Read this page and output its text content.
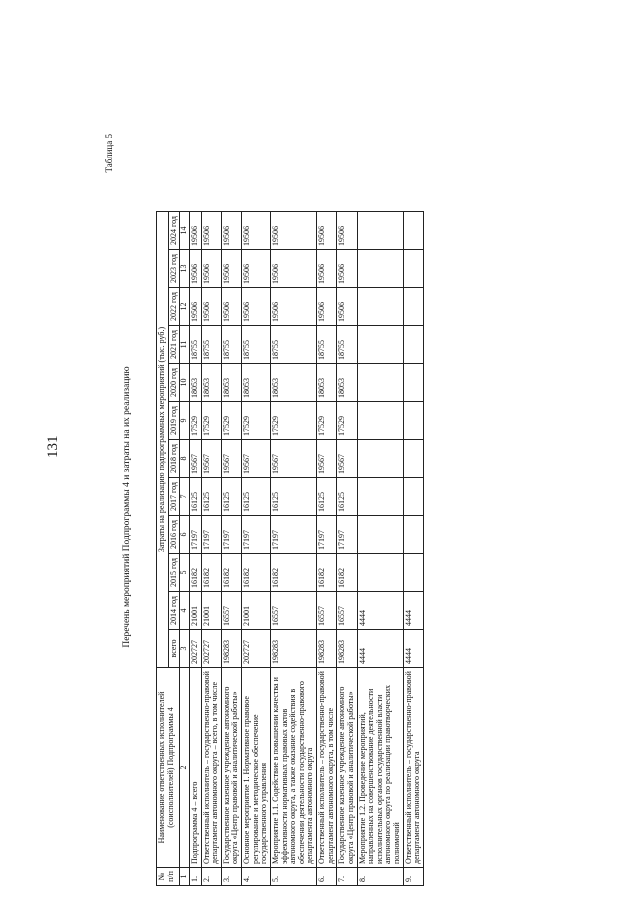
131
Таблица 5
Перечень мероприятий Подпрограммы 4 и затраты на их реализацию
№ п/п	Наименование ответственных исполнителей (соисполнителей) Подпрограммы 4	Затраты на реализацию подпрограммных мероприятий (тыс. руб.)											
		всего	2014 год	2015 год	2016 год	2017 год	2018 год	2019 год	2020 год	2021 год	2022 год	2023 год	2024 год
1	2	3	4	5	6	7	8	9	10	11	12	13	14
1.	Подпрограмма 4 – всего	202727	21001	16182	17197	16125	19567	17529	18053	18755	19506	19506	19506
2.	Ответственный исполнитель – государственно-правовой департамент автономного округа – всего, в том числе	202727	21001	16182	17197	16125	19567	17529	18053	18755	19506	19506	19506
3.	Государственное казенное учреждение автономного округа «Центр правовой и аналитической работы»	198283	16557	16182	17197	16125	19567	17529	18053	18755	19506	19506	19506
4.	Основное мероприятие 1. Нормативное правовое регулирование и методическое обеспечение государственного управления	202727	21001	16182	17197	16125	19567	17529	18053	18755	19506	19506	19506
5.	Мероприятие 1.1. Содействие в повышении качества и эффективности нормативных правовых актов автономного округа, а также оказание содействия в обеспечении деятельности государственно-правового департамента автономного округа	198283	16557	16182	17197	16125	19567	17529	18053	18755	19506	19506	19506
6.	Ответственный исполнитель – государственно-правовой департамент автономного округа, в том числе	198283	16557	16182	17197	16125	19567	17529	18053	18755	19506	19506	19506
7.	Государственное казенное учреждение автономного округа «Центр правовой и аналитической работы»	198283	16557	16182	17197	16125	19567	17529	18053	18755	19506	19506	19506
8.	Мероприятие 1.2. Проведение мероприятий, направленных на совершенствование деятельности исполнительных органов государственной власти автономного округа по реализации правотворческих полномочий	4444	4444										
9.	Ответственный исполнитель – государственно-правовой департамент автономного округа	4444	4444										
